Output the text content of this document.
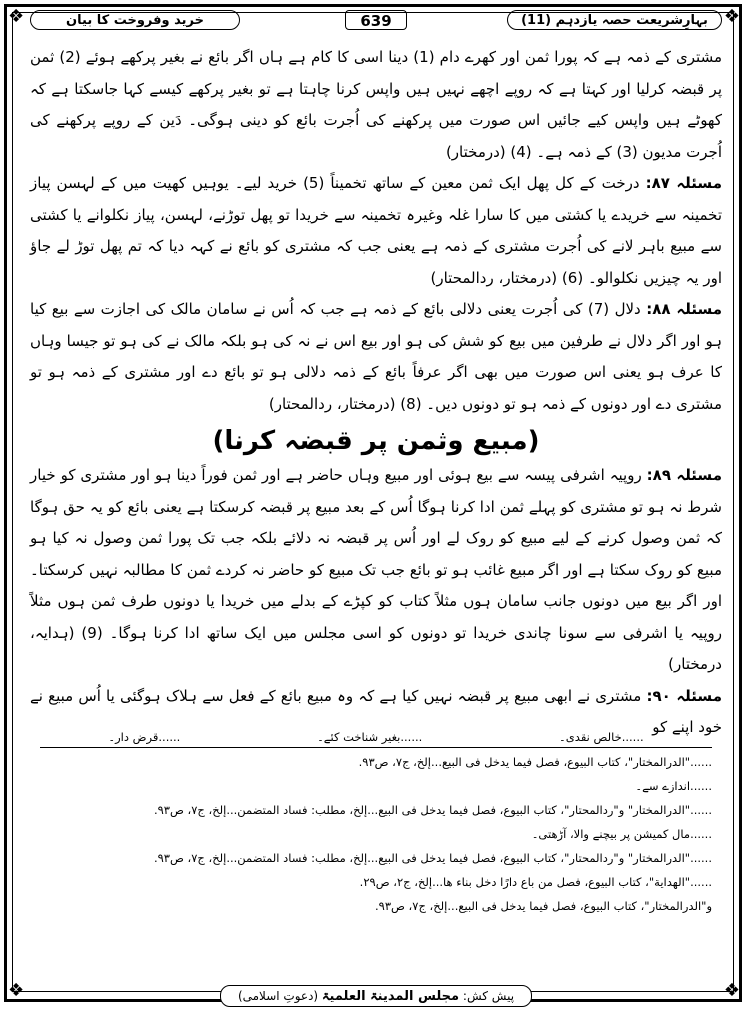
❖	❖
❖	❖
بہارِشریعت حصہ یازدہم (11)
639
خرید وفروخت کا بیان

مشتری کے ذمہ ہے کہ پورا ثمن اور کھرے دام (1) دینا اسی کا کام ہے ہاں اگر بائع نے بغیر پرکھے ہوئے (2) ثمن پر قبضہ کرلیا اور کہتا ہے کہ روپے اچھے نہیں ہیں واپس کرنا چاہتا ہے تو بغیر پرکھے کیسے کہا جاسکتا ہے کہ کھوٹے ہیں واپس کیے جائیں اس صورت میں پرکھنے کی اُجرت بائع کو دینی ہوگی۔ دَین کے روپے پرکھنے کی اُجرت مدیون (3) کے ذمہ ہے۔ (4) (درمختار)

مسئلہ ۸۷: درخت کے کل پھل ایک ثمن معین کے ساتھ تخمیناً (5) خرید لیے۔ یوہیں کھیت میں کے لہسن پیاز تخمینہ سے خریدے یا کشتی میں کا سارا غلہ وغیرہ تخمینہ سے خریدا تو پھل توڑنے، لہسن، پیاز نکلوانے یا کشتی سے مبیع باہر لانے کی اُجرت مشتری کے ذمہ ہے یعنی جب کہ مشتری کو بائع نے کہہ دیا کہ تم پھل توڑ لے جاؤ اور یہ چیزیں نکلوالو۔ (6) (درمختار، ردالمحتار)

مسئلہ ۸۸: دلال (7) کی اُجرت یعنی دلالی بائع کے ذمہ ہے جب کہ اُس نے سامان مالک کی اجازت سے بیع کیا ہو اور اگر دلال نے طرفین میں بیع کو شش کی ہو اور بیع اس نے نہ کی ہو بلکہ مالک نے کی ہو تو جیسا وہاں کا عرف ہو یعنی اس صورت میں بھی اگر عرفاً بائع کے ذمہ دلالی ہو تو بائع دے اور مشتری کے ذمہ ہو تو مشتری دے اور دونوں کے ذمہ ہو تو دونوں دیں۔ (8) (درمختار، ردالمحتار)

(مبیع وثمن پر قبضہ کرنا)

مسئلہ ۸۹: روپیہ اشرفی پیسہ سے بیع ہوئی اور مبیع وہاں حاضر ہے اور ثمن فوراً دینا ہو اور مشتری کو خیار شرط نہ ہو تو مشتری کو پہلے ثمن ادا کرنا ہوگا اُس کے بعد مبیع پر قبضہ کرسکتا ہے یعنی بائع کو یہ حق ہوگا کہ ثمن وصول کرنے کے لیے مبیع کو روک لے اور اُس پر قبضہ نہ دلائے بلکہ جب تک پورا ثمن وصول نہ کیا ہو مبیع کو روک سکتا ہے اور اگر مبیع غائب ہو تو بائع جب تک مبیع کو حاضر نہ کردے ثمن کا مطالبہ نہیں کرسکتا۔ اور اگر بیع میں دونوں جانب سامان ہوں مثلاً کتاب کو کپڑے کے بدلے میں خریدا یا دونوں طرف ثمن ہوں مثلاً روپیہ یا اشرفی سے سونا چاندی خریدا تو دونوں کو اسی مجلس میں ایک ساتھ ادا کرنا ہوگا۔ (9) (ہدایہ، درمختار)

مسئلہ ۹۰: مشتری نے ابھی مبیع پر قبضہ نہیں کیا ہے کہ وہ مبیع بائع کے فعل سے ہلاک ہوگئی یا اُس مبیع نے خود اپنے کو

......خالص نقدی۔
......بغیر شناخت کئے۔
......قرض دار۔

......"الدرالمختار"، کتاب البیوع، فصل فیما یدخل فی البیع...إلخ، ج۷، ص۹۳.

......اندازے سے۔

......"الدرالمختار" و"ردالمحتار"، کتاب البیوع، فصل فیما یدخل فی البیع...إلخ، مطلب: فساد المتضمن...إلخ، ج۷، ص۹۳.

......مال کمیشن پر بیچنے والا، آڑھتی۔

......"الدرالمختار" و"ردالمحتار"، کتاب البیوع، فصل فیما یدخل فی البیع...إلخ، مطلب: فساد المتضمن...إلخ، ج۷، ص۹۳.

......"الهداية"، کتاب البیوع، فصل من باع دارًا دخل بناء ها...إلخ، ج۲، ص۲۹.

و"الدرالمختار"، کتاب البیوع، فصل فیما یدخل فی البیع...إلخ، ج۷، ص۹۳.

پیش کش: مجلس المدینۃ العلمیۃ (دعوتِ اسلامی)
